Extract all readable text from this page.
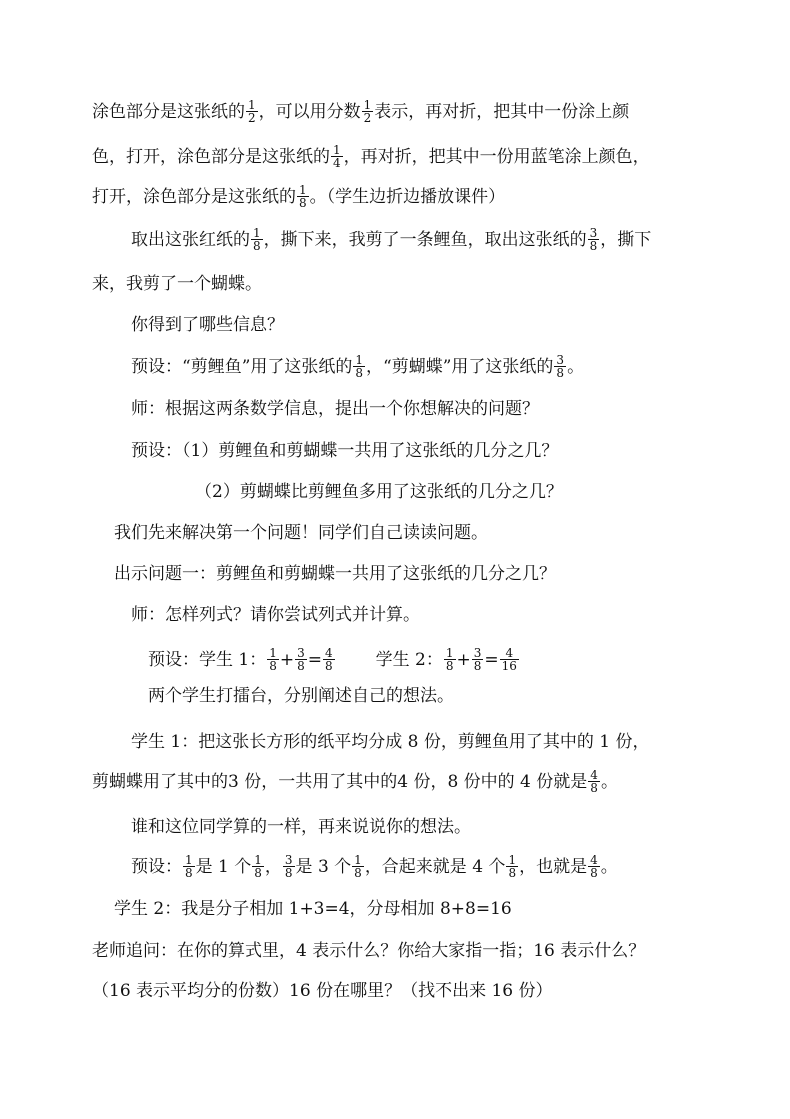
涂色部分是这张纸的 $\frac{1}{2}$ ，可以用分数 $\frac{1}{2}$ 表示，再对折，把其中一份涂上颜
色，打开，涂色部分是这张纸的 $\frac{1}{4}$ ，再对折，把其中一份用蓝笔涂上颜色，
打开，涂色部分是这张纸的 $\frac{1}{8}$ 。（学生边折边播放课件）
取出这张红纸的 $\frac{1}{8}$ ，撕下来，我剪了一条鲤鱼，取出这张纸的 $\frac{3}{8}$ ，撕下
来，我剪了一个蝴蝶。
你得到了哪些信息？
预设：“剪鲤鱼”用了这张纸的 $\frac{1}{8}$ ，“剪蝴蝶”用了这张纸的 $\frac{3}{8}$ 。
师：根据这两条数学信息，提出一个你想解决的问题？
预设：（1）剪鲤鱼和剪蝴蝶一共用了这张纸的几分之几？
（2）剪蝴蝶比剪鲤鱼多用了这张纸的几分之几？
我们先来解决第一个问题！同学们自己读读问题。
出示问题一：剪鲤鱼和剪蝴蝶一共用了这张纸的几分之几？
师：怎样列式？请你尝试列式并计算。
预设：学生 1： $\frac{1}{8} + \frac{3}{8} = \frac{4}{8}$ 学生 2： $\frac{1}{8} + \frac{3}{8} = \frac{4}{16}$
两个学生打擂台，分别阐述自己的想法。
学生 1：把这张长方形的纸平均分成 8 份，剪鲤鱼用了其中的 1 份，
剪蝴蝶用了其中的3 份，一共用了其中的4 份，8 份中的 4 份就是 $\frac{4}{8}$ 。
谁和这位同学算的一样，再来说说你的想法。
预设： $\frac{1}{8}$ 是 1 个 $\frac{1}{8}$ ， $\frac{3}{8}$ 是 3 个 $\frac{1}{8}$ ，合起来就是 4 个 $\frac{1}{8}$ ，也就是 $\frac{4}{8}$ 。
学生 2：我是分子相加 1+3=4，分母相加 8+8=16
老师追问：在你的算式里，4 表示什么？你给大家指一指；16 表示什么？
（16 表示平均分的份数）16 份在哪里？（找不出来 16 份）
